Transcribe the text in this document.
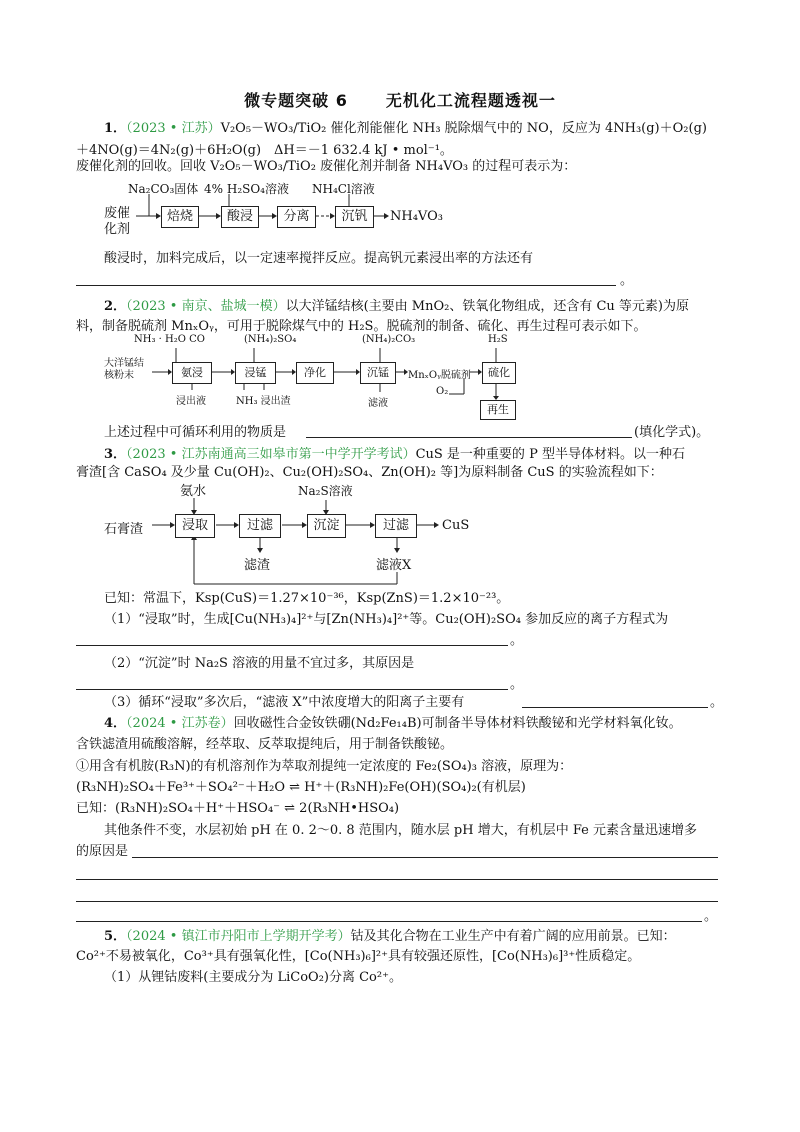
微专题突破 6 无机化工流程题透视一
1．（2023 • 江苏）V₂O₅－WO₃/TiO₂ 催化剂能催化 NH₃ 脱除烟气中的 NO，反应为 4NH₃(g)＋O₂(g)
＋4NO(g)＝4N₂(g)＋6H₂O(g)　ΔH＝－1 632.4 kJ • mol⁻¹。
废催化剂的回收。回收 V₂O₅－WO₃/TiO₂ 废催化剂并制备 NH₄VO₃ 的过程可表示为：
Na₂CO₃固体 4% H₂SO₄溶液 NH₄Cl溶液
废催化剂
焙烧	酸浸	分离	沉钒	NH₄VO₃
酸浸时，加料完成后，以一定速率搅拌反应。提高钒元素浸出率的方法还有
。
2．（2023 • 南京、盐城一模）以大洋锰结核(主要由 MnO₂、铁氧化物组成，还含有 Cu 等元素)为原
料，制备脱硫剂 MnₓOᵧ，可用于脱除煤气中的 H₂S。脱硫剂的制备、硫化、再生过程可表示如下。
NH₃ · H₂O CO	(NH₄)₂SO₄	(NH₄)₂CO₃	H₂S
大洋锰结核粉末	氨浸	浸锰	净化	沉锰	MnₓOᵧ脱硫剂	硫化
再生
O₂
浸出液	NH₃ 浸出渣	滤液
上述过程中可循环利用的物质是	(填化学式)。
3．（2023 • 江苏南通高三如皋市第一中学开学考试）CuS 是一种重要的 P 型半导体材料。以一种石
膏渣[含 CaSO₄ 及少量 Cu(OH)₂、Cu₂(OH)₂SO₄、Zn(OH)₂ 等]为原料制备 CuS 的实验流程如下：
氨水	Na₂S溶液
石膏渣	浸取	过滤	沉淀	过滤	CuS
滤渣	滤液X
已知：常温下，Ksp(CuS)＝1.27×10⁻³⁶，Ksp(ZnS)＝1.2×10⁻²³。
（1）“浸取”时，生成[Cu(NH₃)₄]²⁺与[Zn(NH₃)₄]²⁺等。Cu₂(OH)₂SO₄ 参加反应的离子方程式为
。
（2）“沉淀”时 Na₂S 溶液的用量不宜过多，其原因是
。
（3）循环“浸取”多次后，“滤液 X”中浓度增大的阳离子主要有	。
4．（2024 • 江苏卷）回收磁性合金钕铁硼(Nd₂Fe₁₄B)可制备半导体材料铁酸铋和光学材料氧化钕。
含铁滤渣用硫酸溶解，经萃取、反萃取提纯后，用于制备铁酸铋。
①用含有机胺(R₃N)的有机溶剂作为萃取剂提纯一定浓度的 Fe₂(SO₄)₃ 溶液，原理为：
(R₃NH)₂SO₄＋Fe³⁺＋SO₄²⁻＋H₂O ⇌ H⁺＋(R₃NH)₂Fe(OH)(SO₄)₂(有机层)
已知：(R₃NH)₂SO₄＋H⁺＋HSO₄⁻ ⇌ 2(R₃NH•HSO₄)
其他条件不变，水层初始 pH 在 0. 2～0. 8 范围内，随水层 pH 增大，有机层中 Fe 元素含量迅速增多
的原因是
。
5．（2024 • 镇江市丹阳市上学期开学考）钴及其化合物在工业生产中有着广阔的应用前景。已知：
Co²⁺不易被氧化，Co³⁺具有强氧化性，[Co(NH₃)₆]²⁺具有较强还原性，[Co(NH₃)₆]³⁺性质稳定。
（1）从锂钴废料(主要成分为 LiCoO₂)分离 Co²⁺。
